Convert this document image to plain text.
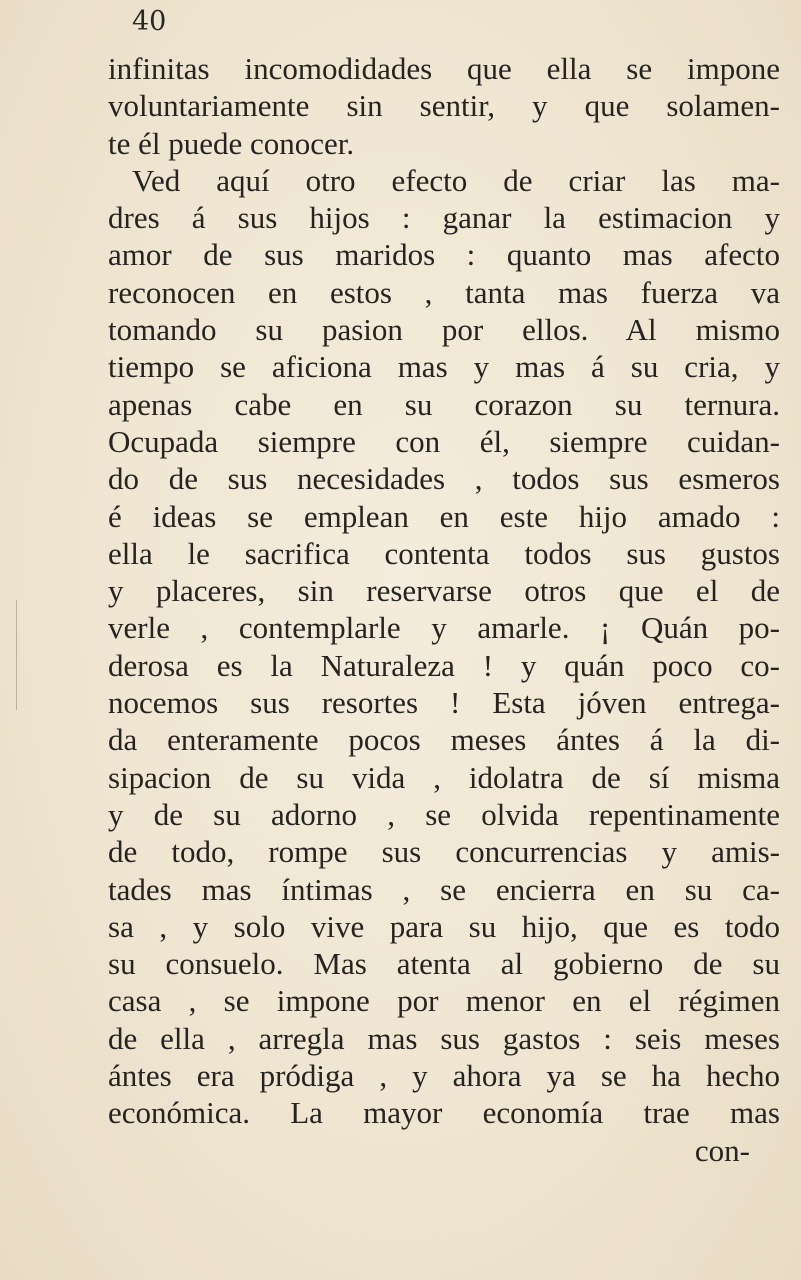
40
infinitas incomodidades que ella se impone
voluntariamente sin sentir, y que solamen-
te él puede conocer.
Ved aquí otro efecto de criar las ma-
dres á sus hijos : ganar la estimacion y
amor de sus maridos : quanto mas afecto
reconocen en estos , tanta mas fuerza va
tomando su pasion por ellos. Al mismo
tiempo se aficiona mas y mas á su cria, y
apenas cabe en su corazon su ternura.
Ocupada siempre con él, siempre cuidan-
do de sus necesidades , todos sus esmeros
é ideas se emplean en este hijo amado :
ella le sacrifica contenta todos sus gustos
y placeres, sin reservarse otros que el de
verle , contemplarle y amarle. ¡ Quán po-
derosa es la Naturaleza ! y quán poco co-
nocemos sus resortes ! Esta jóven entrega-
da enteramente pocos meses ántes á la di-
sipacion de su vida , idolatra de sí misma
y de su adorno , se olvida repentinamente
de todo, rompe sus concurrencias y amis-
tades mas íntimas , se encierra en su ca-
sa , y solo vive para su hijo, que es todo
su consuelo. Mas atenta al gobierno de su
casa , se impone por menor en el régimen
de ella , arregla mas sus gastos : seis meses
ántes era pródiga , y ahora ya se ha hecho
económica. La mayor economía trae mas
con-
